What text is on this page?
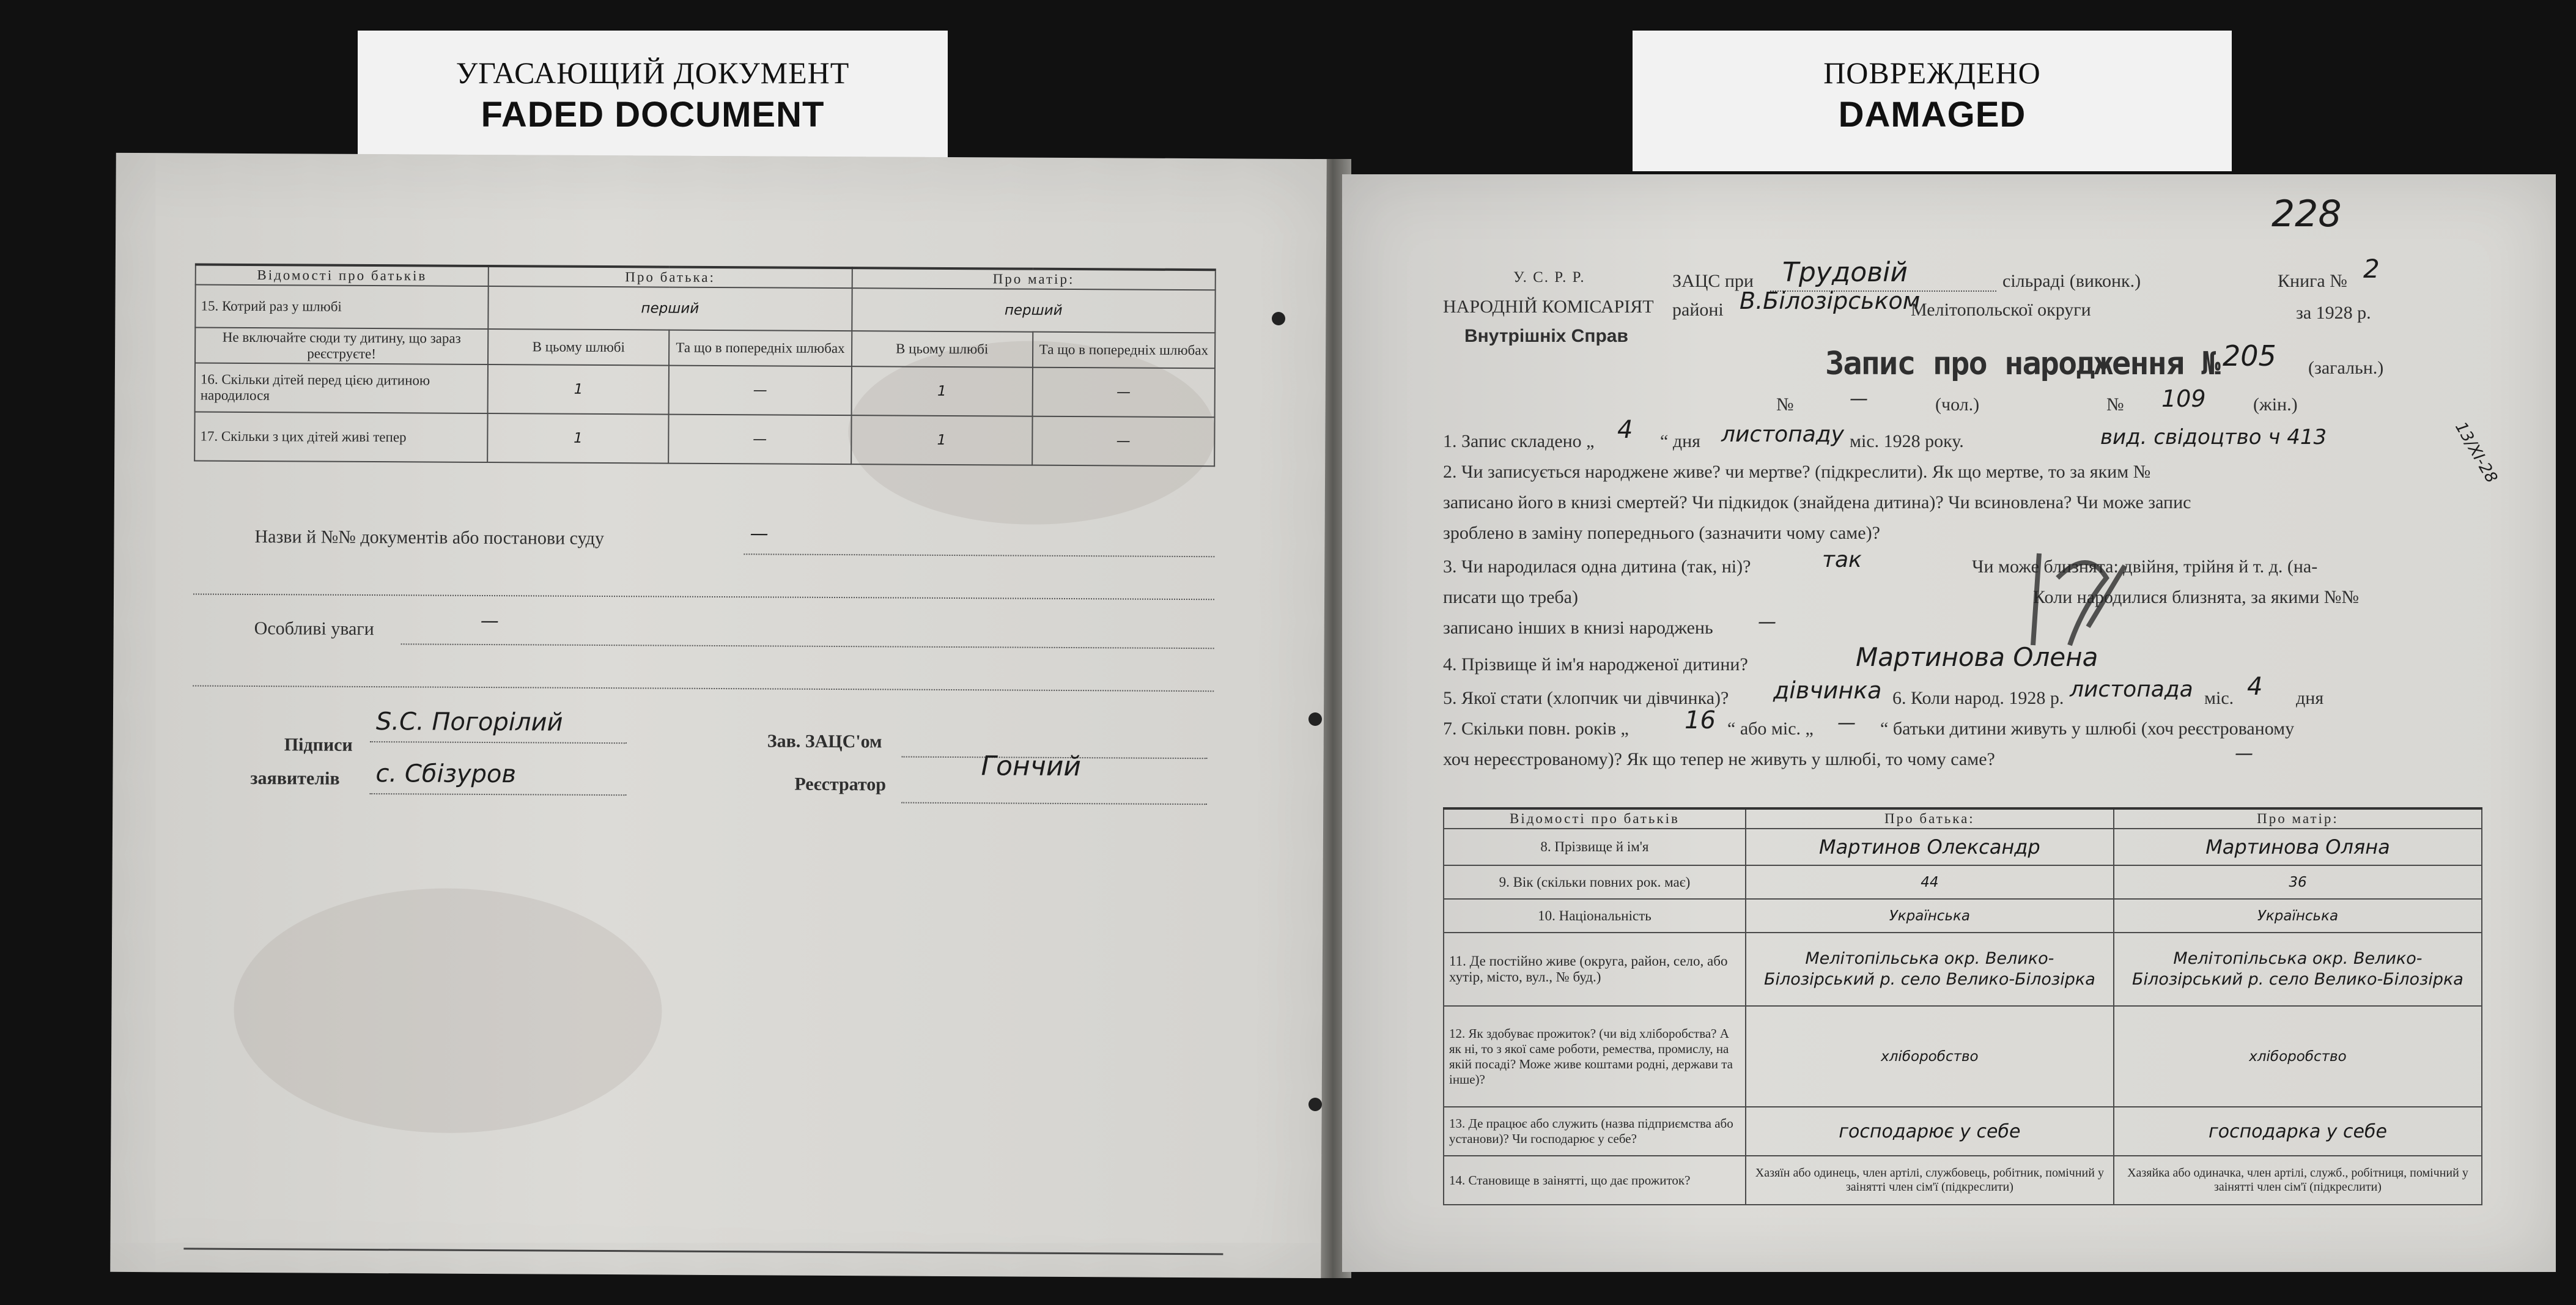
УГАСАЮЩИЙ ДОКУМЕНТ
FADED DOCUMENT
ПОВРЕЖДЕНО
DAMAGED
Відомості про батьків	Про батька:		Про матір:	
15. Котрий раз у шлюбі	перший		перший	
Не включайте сюди ту дитину, що зараз реєструєте!	В цьому шлюбі	Та що в попередніх шлюбах	В цьому шлюбі	Та що в попередніх шлюбах
16. Скільки дітей перед цією дитиною народилося	1	—	1	—
17. Скільки з цих дітей живі тепер	1	—	1	—
Назви й №№ документів або постанови суду	—
Особливі уваги	—
Підписи
заявителів
S.C. Погорілий
с. Сбізуров
Зав. ЗАЦС'ом
Реєстратор
Гончий
228
У. С. Р. Р.
НАРОДНІЙ КОМІСАРІЯТ
Внутрішніх Справ
ЗАЦС при Трудовій	сільраді (виконк.)	Книга № 2
районі В.Білозірськом
Мелітопольскої округи	за 1928 р.
Запис про народження № 205 (загальн.)
№	—	(чол.)	№ 109	(жін.)
1. Запис складено „ 4 “ дня листопаду міс. 1928 року.	вид. свідоцтво ч 413	13/XI-28
2. Чи записується народжене живе? чи мертве? (підкреслити). Як що мертве, то за яким №
записано його в книзі смертей? Чи підкидок (знайдена дитина)? Чи всиновлена? Чи може запис
зроблено в заміну попереднього (зазначити чому саме)?
3. Чи народилася одна дитина (так, ні)?	так	Чи може близнята: двійня, трійня й т. д. (на-
писати що треба)	Коли народилися близнята, за якими №№
записано інших в книзі народжень —
4. Прізвище й ім'я народженої дитини?	Мартинова Олена
5. Якої стати (хлопчик чи дівчинка)? дівчинка 6. Коли народ. 1928 р. листопада міс. 4 дня
7. Скільки повн. років „ 16 “ або міс. „ — “ батьки дитини живуть у шлюбі (хоч реєстрованому
хоч нереєстрованому)? Як що тепер не живуть у шлюбі, то чому саме?	—
Відомості про батьків	Про батька:	Про матір:
8. Прізвище й ім'я	Мартинов Олександр	Мартинова Оляна
9. Вік (скільки повних рок. має)	44	36
10. Національність	Українська	Українська
11. Де постійно живе (округа, район, село, або хутір, місто, вул., № буд.)	Мелітопільська окр. Велико-Білозірський р. село Велико-Білозірка	Мелітопільська окр. Велико-Білозірський р. село Велико-Білозірка
12. Як здобуває прожиток? (чи від хліборобства? А як ні, то з якої саме роботи, ремества, промислу, на якій посаді? Може живе коштами родні, держави та інше)?	хліборобство	хліборобство
13. Де працює або служить (назва підприємства або установи)? Чи господарює у себе?	господарює у себе	господарка у себе
14. Становище в заінятті, що дає прожиток?	Хазяїн або одинець, член артілі, службовець, робітник, помічний у заінятті член сім'ї (підкреслити)	Хазяйка або одиначка, член артілі, служб., робітниця, помічний у заінятті член сім'ї (підкреслити)
